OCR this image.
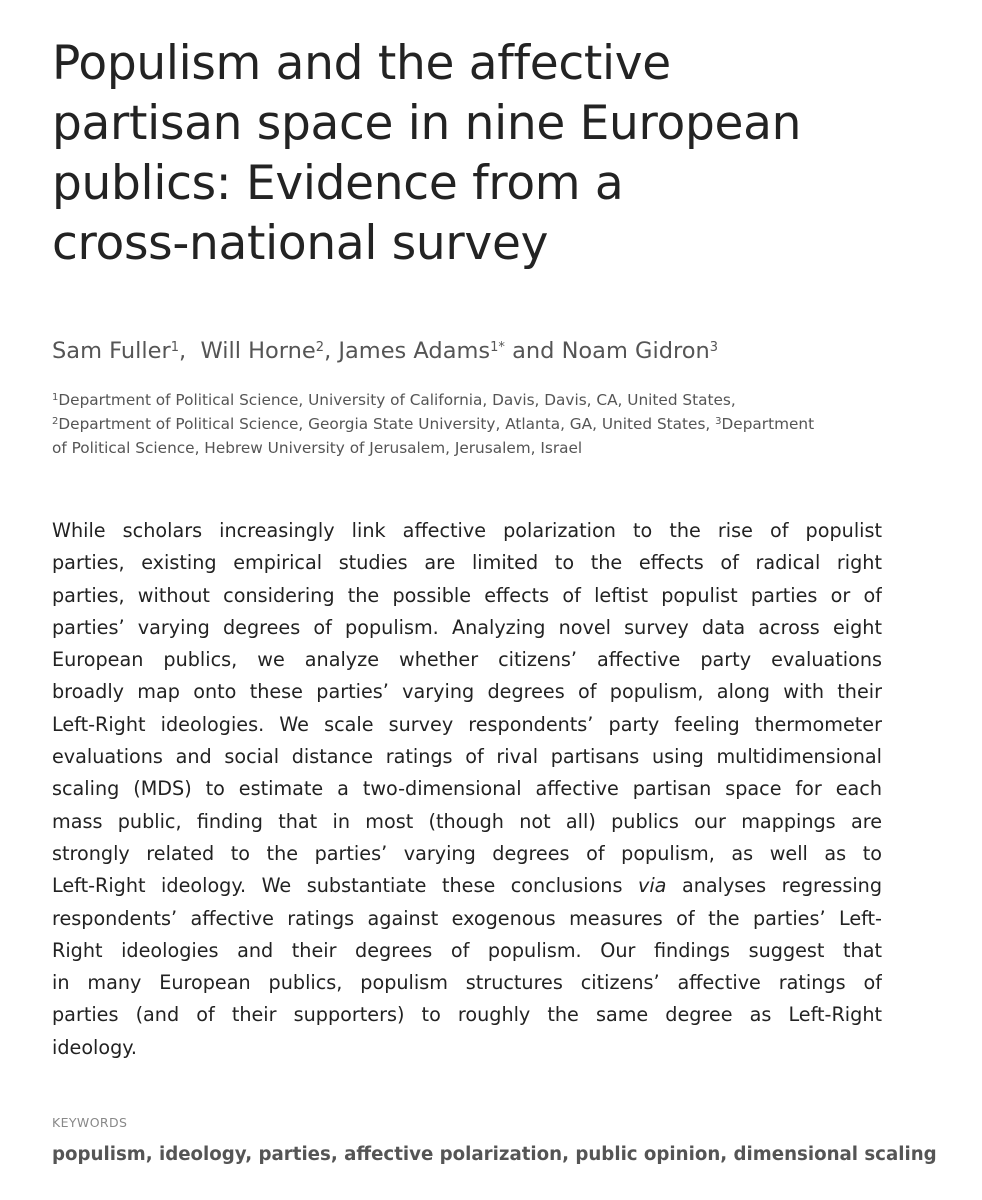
Populism and the affective
partisan space in nine European
publics: Evidence from a
cross-national survey

Sam Fuller$^1$,  Will Horne$^2$, James Adams$^{1*}$ and Noam Gidron$^3$

$^1$Department of Political Science, University of California, Davis, Davis, CA, United States,
$^2$Department of Political Science, Georgia State University, Atlanta, GA, United States, $^3$Department
of Political Science, Hebrew University of Jerusalem, Jerusalem, Israel
While scholars increasingly link affective polarization to the rise of populist
parties, existing empirical studies are limited to the effects of radical right
parties, without considering the possible effects of leftist populist parties or of
parties’ varying degrees of populism. Analyzing novel survey data across eight
European publics, we analyze whether citizens’ affective party evaluations
broadly map onto these parties’ varying degrees of populism, along with their
Left-Right ideologies. We scale survey respondents’ party feeling thermometer
evaluations and social distance ratings of rival partisans using multidimensional
scaling (MDS) to estimate a two-dimensional affective partisan space for each
mass public, finding that in most (though not all) publics our mappings are
strongly related to the parties’ varying degrees of populism, as well as to
Left-Right ideology. We substantiate these conclusions via analyses regressing
respondents’ affective ratings against exogenous measures of the parties’ Left-
Right ideologies and their degrees of populism. Our findings suggest that
in many European publics, populism structures citizens’ affective ratings of
parties (and of their supporters) to roughly the same degree as Left-Right
ideology.

KEYWORDS

populism, ideology, parties, affective polarization, public opinion, dimensional scaling
